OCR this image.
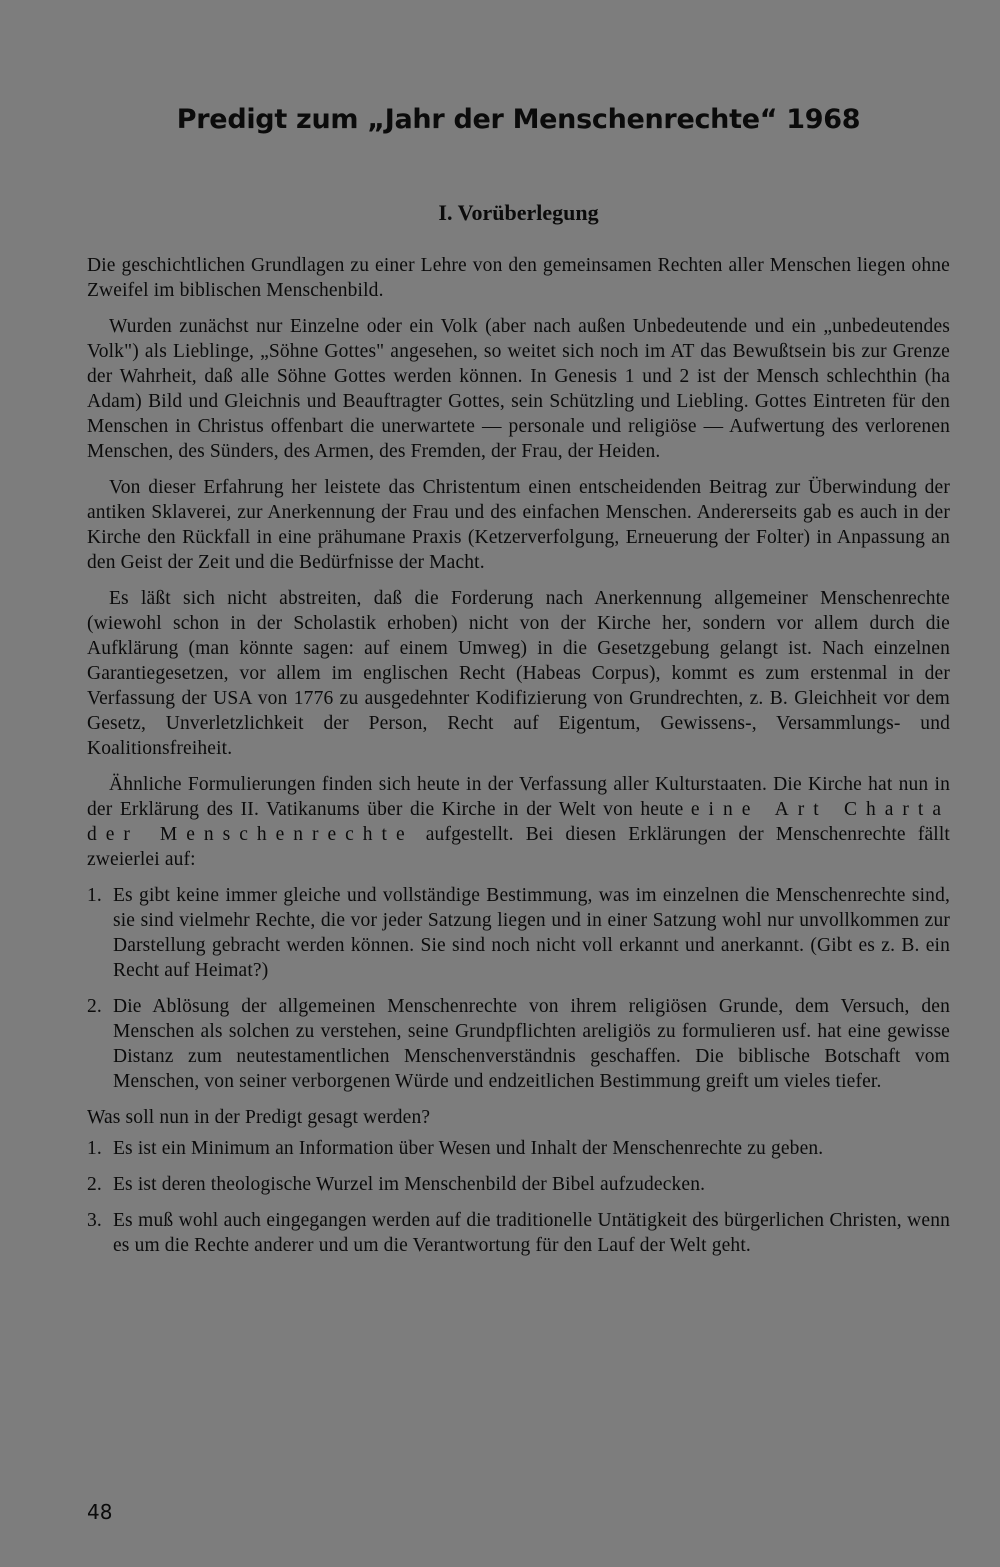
Predigt zum „Jahr der Menschenrechte“ 1968
I. Vorüberlegung

Die geschichtlichen Grundlagen zu einer Lehre von den gemeinsamen Rechten aller Menschen liegen ohne Zweifel im biblischen Menschenbild.

Wurden zunächst nur Einzelne oder ein Volk (aber nach außen Unbedeutende und ein „unbedeutendes Volk") als Lieblinge, „Söhne Gottes" angesehen, so weitet sich noch im AT das Bewußtsein bis zur Grenze der Wahrheit, daß alle Söhne Gottes werden können. In Genesis 1 und 2 ist der Mensch schlechthin (ha Adam) Bild und Gleichnis und Beauftragter Gottes, sein Schützling und Liebling. Gottes Eintreten für den Menschen in Christus offenbart die unerwartete — personale und religiöse — Aufwertung des verlorenen Menschen, des Sünders, des Armen, des Fremden, der Frau, der Heiden.

Von dieser Erfahrung her leistete das Christentum einen entscheidenden Beitrag zur Überwindung der antiken Sklaverei, zur Anerkennung der Frau und des einfachen Menschen. Andererseits gab es auch in der Kirche den Rückfall in eine prähumane Praxis (Ketzerverfolgung, Erneuerung der Folter) in Anpassung an den Geist der Zeit und die Bedürfnisse der Macht.

Es läßt sich nicht abstreiten, daß die Forderung nach Anerkennung allgemeiner Menschenrechte (wiewohl schon in der Scholastik erhoben) nicht von der Kirche her, sondern vor allem durch die Aufklärung (man könnte sagen: auf einem Umweg) in die Gesetzgebung gelangt ist. Nach einzelnen Garantiegesetzen, vor allem im englischen Recht (Habeas Corpus), kommt es zum erstenmal in der Verfassung der USA von 1776 zu ausgedehnter Kodifizierung von Grundrechten, z. B. Gleichheit vor dem Gesetz, Unverletzlichkeit der Person, Recht auf Eigentum, Gewissens-, Versammlungs- und Koalitionsfreiheit.

Ähnliche Formulierungen finden sich heute in der Verfassung aller Kulturstaaten. Die Kirche hat nun in der Erklärung des II. Vatikanums über die Kirche in der Welt von heute eine Art Charta der Menschenrechte aufgestellt. Bei diesen Erklärungen der Menschenrechte fällt zweierlei auf:

1. Es gibt keine immer gleiche und vollständige Bestimmung, was im einzelnen die Menschenrechte sind, sie sind vielmehr Rechte, die vor jeder Satzung liegen und in einer Satzung wohl nur unvollkommen zur Darstellung gebracht werden können. Sie sind noch nicht voll erkannt und anerkannt. (Gibt es z. B. ein Recht auf Heimat?)
2. Die Ablösung der allgemeinen Menschenrechte von ihrem religiösen Grunde, dem Versuch, den Menschen als solchen zu verstehen, seine Grundpflichten areligiös zu formulieren usf. hat eine gewisse Distanz zum neutestamentlichen Menschenverständnis geschaffen. Die biblische Botschaft vom Menschen, von seiner verborgenen Würde und endzeitlichen Bestimmung greift um vieles tiefer.

Was soll nun in der Predigt gesagt werden?

1. Es ist ein Minimum an Information über Wesen und Inhalt der Menschenrechte zu geben.
2. Es ist deren theologische Wurzel im Menschenbild der Bibel aufzudecken.
3. Es muß wohl auch eingegangen werden auf die traditionelle Untätigkeit des bürgerlichen Christen, wenn es um die Rechte anderer und um die Verantwortung für den Lauf der Welt geht.
48
